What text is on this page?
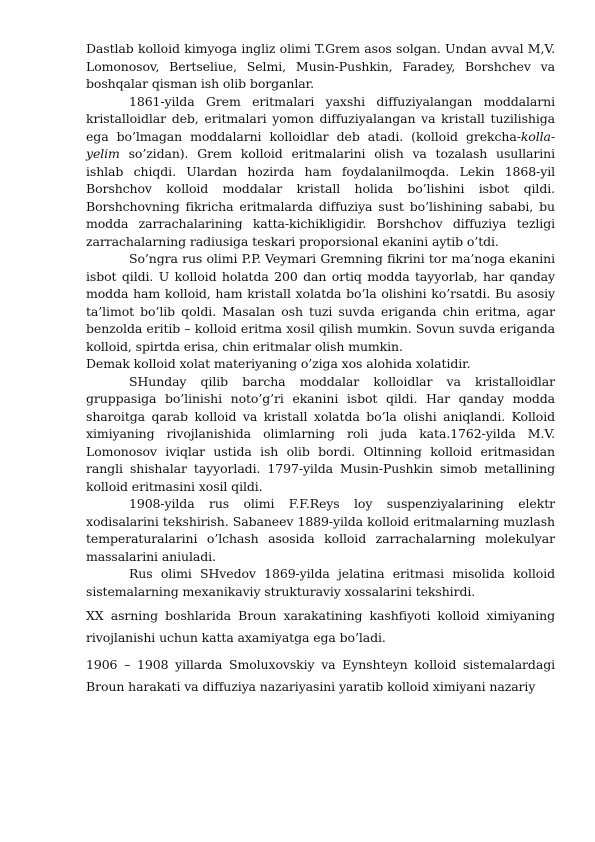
Dastlab kolloid kimyoga ingliz olimi T.Grem asos solgan. Undan avval M,V. Lomonosov, Bertseliue, Selmi, Musin-Pushkin, Faradey, Borshchev va boshqalar qisman ish olib borganlar.

1861-yilda Grem eritmalari yaxshi diffuziyalangan moddalarni kristalloidlar deb, eritmalari yomon diffuziyalangan va kristall tuzilishiga ega bo’lmagan moddalarni kolloidlar deb atadi. (kolloid grekcha-kolla- yelim so’zidan). Grem kolloid eritmalarini olish va tozalash usullarini ishlab chiqdi. Ulardan hozirda ham foydalanilmoqda. Lekin 1868-yil Borshchov kolloid moddalar kristall holida bo’lishini isbot qildi. Borshchovning fikricha eritmalarda diffuziya sust bo’lishining sababi, bu modda zarrachalarining katta-kichikligidir. Borshchov diffuziya tezligi zarrachalarning radiusiga teskari proporsional ekanini aytib o’tdi.

So’ngra rus olimi P.P. Veymari Gremning fikrini tor ma’noga ekanini isbot qildi. U kolloid holatda 200 dan ortiq modda tayyorlab, har qanday modda ham kolloid, ham kristall xolatda bo’la olishini ko’rsatdi. Bu asosiy ta’limot bo’lib qoldi. Masalan osh tuzi suvda eriganda chin eritma, agar benzolda eritib – kolloid eritma xosil qilish mumkin. Sovun suvda eriganda kolloid, spirtda erisa, chin eritmalar olish mumkin.

Demak kolloid xolat materiyaning o’ziga xos alohida xolatidir.

SHunday qilib barcha moddalar kolloidlar va kristalloidlar gruppasiga bo’linishi noto’g’ri ekanini isbot qildi. Har qanday modda sharoitga qarab kolloid va kristall xolatda bo’la olishi aniqlandi. Kolloid ximiyaning rivojlanishida olimlarning roli juda kata.1762-yilda M.V. Lomonosov iviqlar ustida ish olib bordi. Oltinning kolloid eritmasidan rangli shishalar tayyorladi. 1797-yilda Musin-Pushkin simob metallining kolloid eritmasini xosil qildi.

1908-yilda rus olimi F.F.Reys loy suspenziyalarining elektr xodisalarini tekshirish. Sabaneev 1889-yilda kolloid eritmalarning muzlash temperaturalarini o’lchash asosida kolloid zarrachalarning molekulyar massalarini aniuladi.

Rus olimi SHvedov 1869-yilda jelatina eritmasi misolida kolloid sistemalarning mexanikaviy strukturaviy xossalarini tekshirdi.

XX asrning boshlarida Broun xarakatining kashfiyoti kolloid ximiyaning rivojlanishi uchun katta axamiyatga ega bo’ladi.

1906 – 1908 yillarda Smoluxovskiy va Eynshteyn kolloid sistemalardagi Broun harakati va diffuziya nazariyasini yaratib kolloid ximiyani nazariy
